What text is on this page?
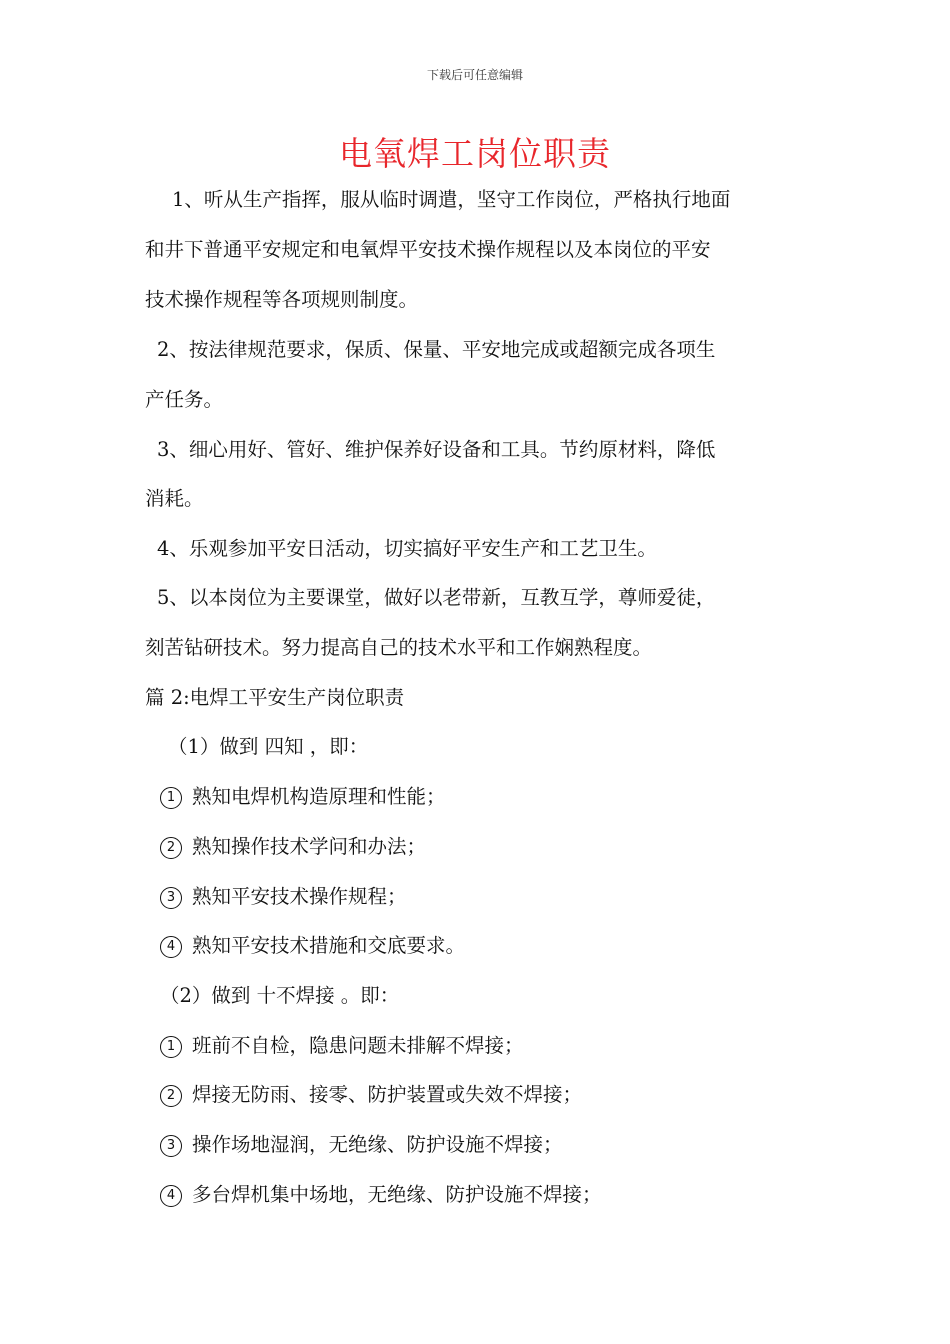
下载后可任意编辑
电氧焊工岗位职责
1、听从生产指挥，服从临时调遣，坚守工作岗位，严格执行地面
和井下普通平安规定和电氧焊平安技术操作规程以及本岗位的平安
技术操作规程等各项规则制度。
2、按法律规范要求，保质、保量、平安地完成或超额完成各项生
产任务。
3、细心用好、管好、维护保养好设备和工具。节约原材料，降低
消耗。
4、乐观参加平安日活动，切实搞好平安生产和工艺卫生。
5、以本岗位为主要课堂，做好以老带新，互教互学，尊师爱徒，
刻苦钻研技术。努力提高自己的技术水平和工作娴熟程度。
篇 2:电焊工平安生产岗位职责
（1）做到 四知 ，即：
1 熟知电焊机构造原理和性能；
2 熟知操作技术学问和办法；
3 熟知平安技术操作规程；
4 熟知平安技术措施和交底要求。
（2）做到 十不焊接 。即：
1 班前不自检，隐患问题未排解不焊接；
2 焊接无防雨、接零、防护装置或失效不焊接；
3 操作场地湿润，无绝缘、防护设施不焊接；
4 多台焊机集中场地，无绝缘、防护设施不焊接；
